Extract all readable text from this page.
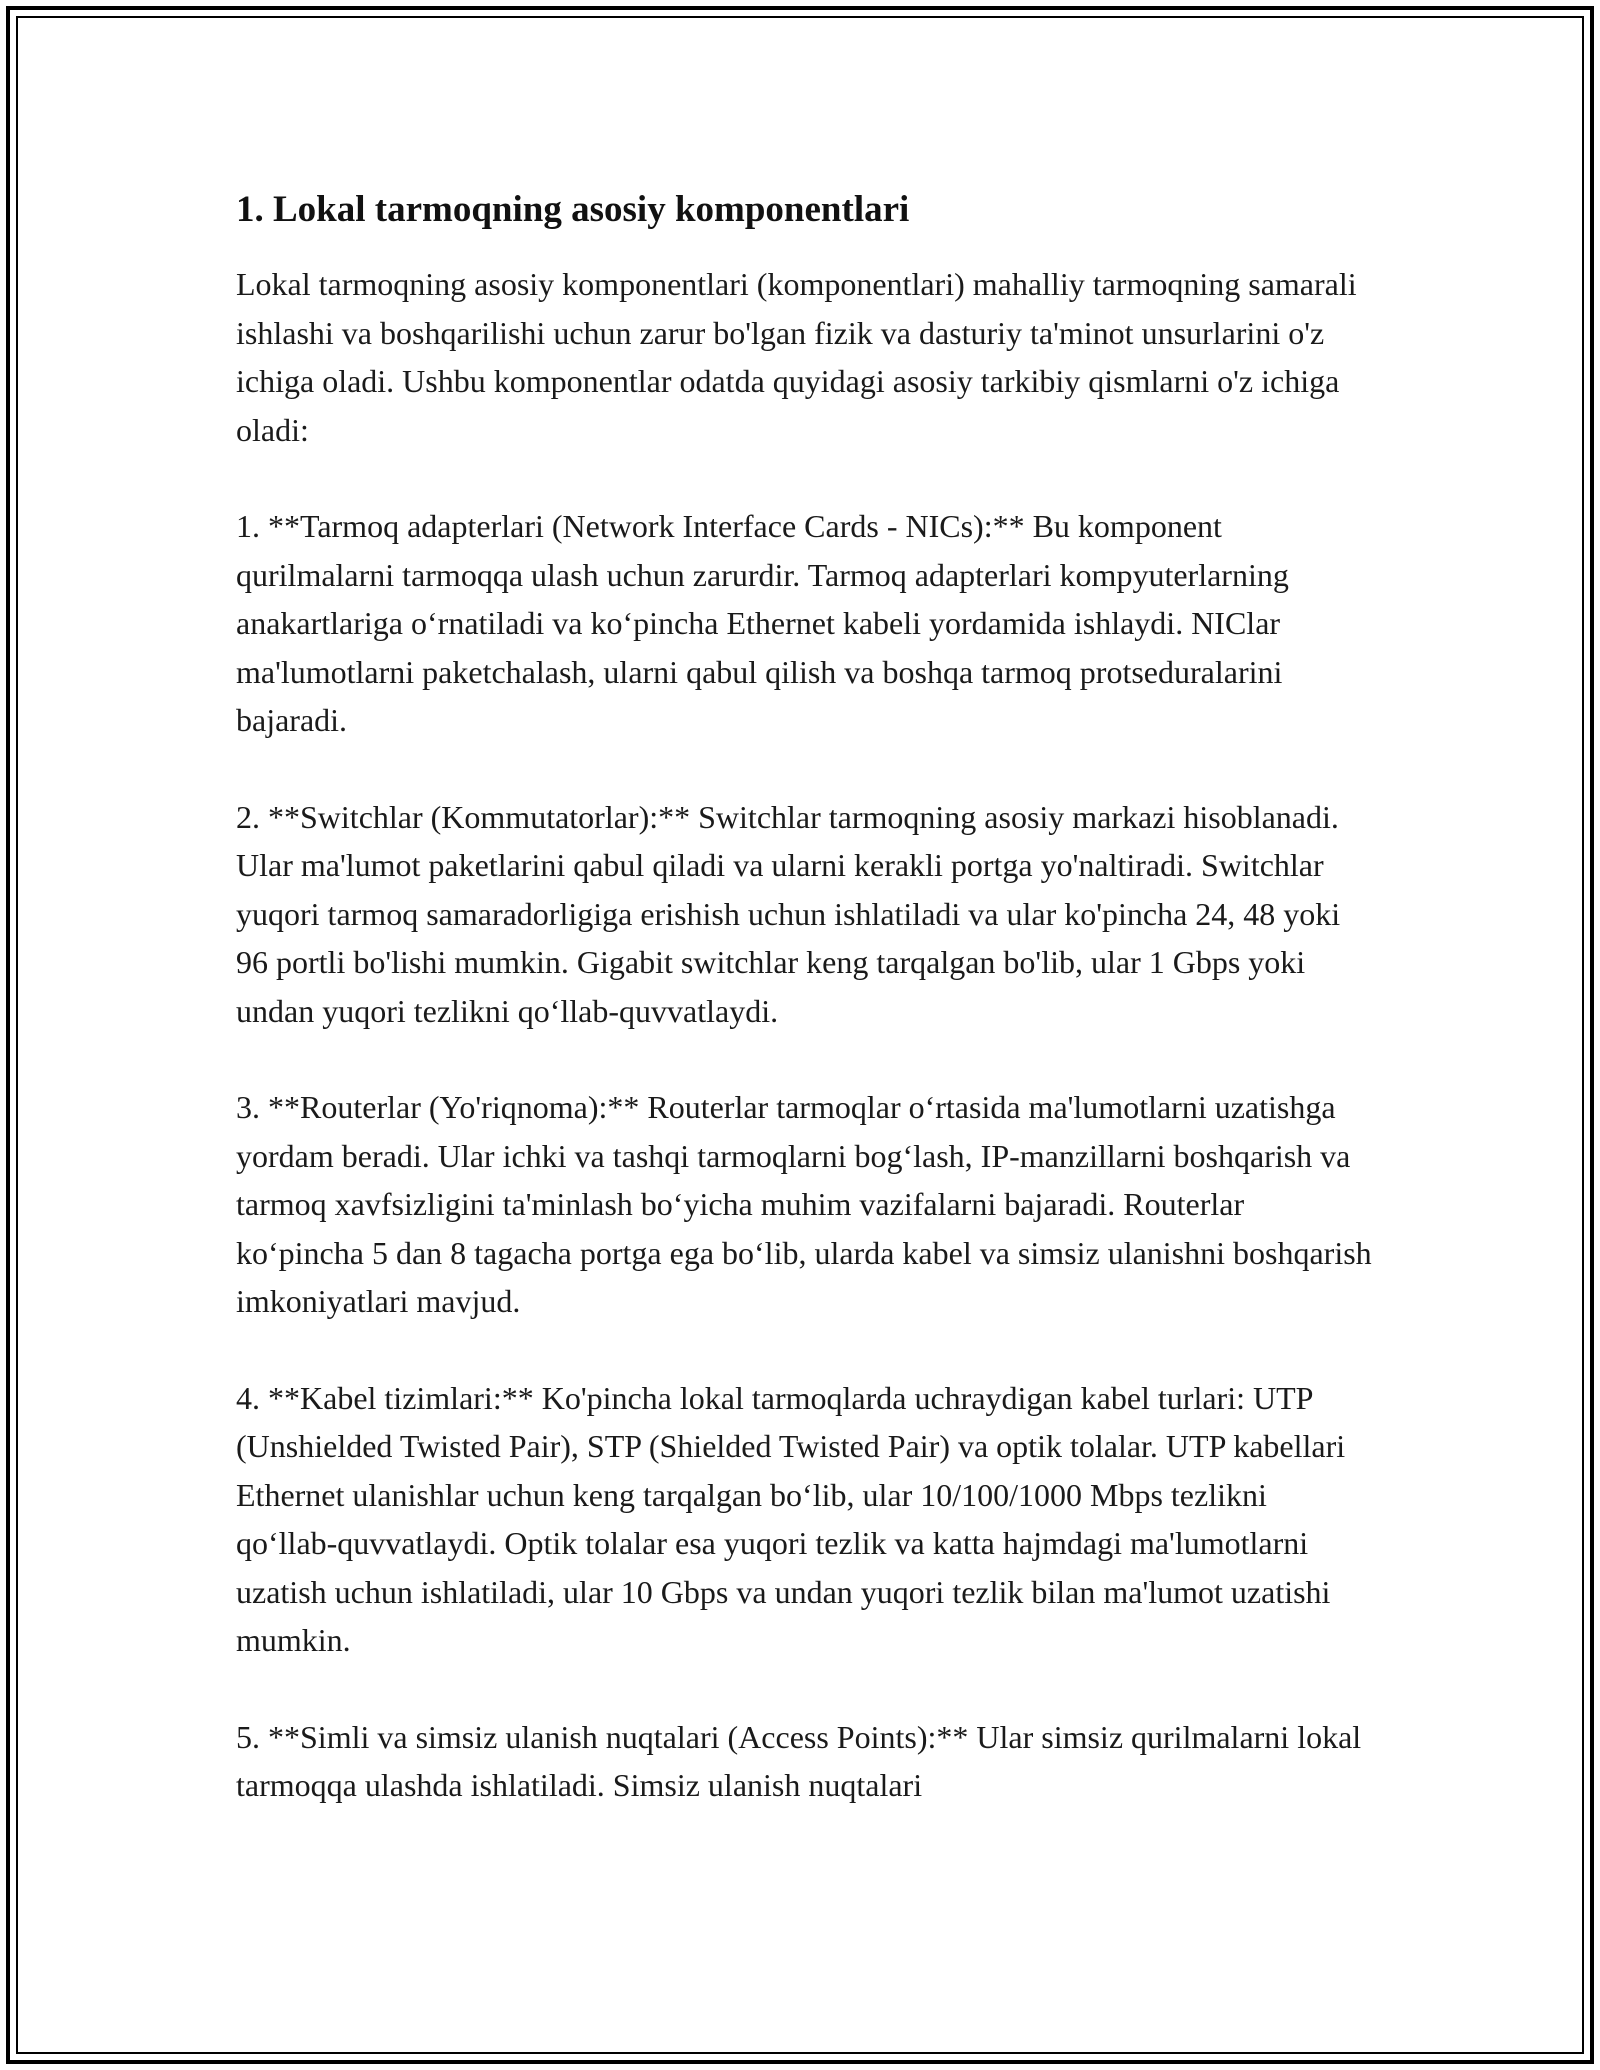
1. Lokal tarmoqning asosiy komponentlari

Lokal tarmoqning asosiy komponentlari (komponentlari) mahalliy tarmoqning samarali ishlashi va boshqarilishi uchun zarur bo'lgan fizik va dasturiy ta'minot unsurlarini o'z ichiga oladi. Ushbu komponentlar odatda quyidagi asosiy tarkibiy qismlarni o'z ichiga oladi:

1. **Tarmoq adapterlari (Network Interface Cards - NICs):** Bu komponent qurilmalarni tarmoqqa ulash uchun zarurdir. Tarmoq adapterlari kompyuterlarning anakartlariga o‘rnatiladi va ko‘pincha Ethernet kabeli yordamida ishlaydi. NIClar ma'lumotlarni paketchalash, ularni qabul qilish va boshqa tarmoq protseduralarini bajaradi.

2. **Switchlar (Kommutatorlar):** Switchlar tarmoqning asosiy markazi hisoblanadi. Ular ma'lumot paketlarini qabul qiladi va ularni kerakli portga yo'naltiradi. Switchlar yuqori tarmoq samaradorligiga erishish uchun ishlatiladi va ular ko'pincha 24, 48 yoki 96 portli bo'lishi mumkin. Gigabit switchlar keng tarqalgan bo'lib, ular 1 Gbps yoki undan yuqori tezlikni qo‘llab-quvvatlaydi.

3. **Routerlar (Yo'riqnoma):** Routerlar tarmoqlar o‘rtasida ma'lumotlarni uzatishga yordam beradi. Ular ichki va tashqi tarmoqlarni bog‘lash, IP-manzillarni boshqarish va tarmoq xavfsizligini ta'minlash bo‘yicha muhim vazifalarni bajaradi. Routerlar ko‘pincha 5 dan 8 tagacha portga ega bo‘lib, ularda kabel va simsiz ulanishni boshqarish imkoniyatlari mavjud.

4. **Kabel tizimlari:** Ko'pincha lokal tarmoqlarda uchraydigan kabel turlari: UTP (Unshielded Twisted Pair), STP (Shielded Twisted Pair) va optik tolalar. UTP kabellari Ethernet ulanishlar uchun keng tarqalgan bo‘lib, ular 10/100/1000 Mbps tezlikni qo‘llab-quvvatlaydi. Optik tolalar esa yuqori tezlik va katta hajmdagi ma'lumotlarni uzatish uchun ishlatiladi, ular 10 Gbps va undan yuqori tezlik bilan ma'lumot uzatishi mumkin.

5. **Simli va simsiz ulanish nuqtalari (Access Points):** Ular simsiz qurilmalarni lokal tarmoqqa ulashda ishlatiladi. Simsiz ulanish nuqtalari
